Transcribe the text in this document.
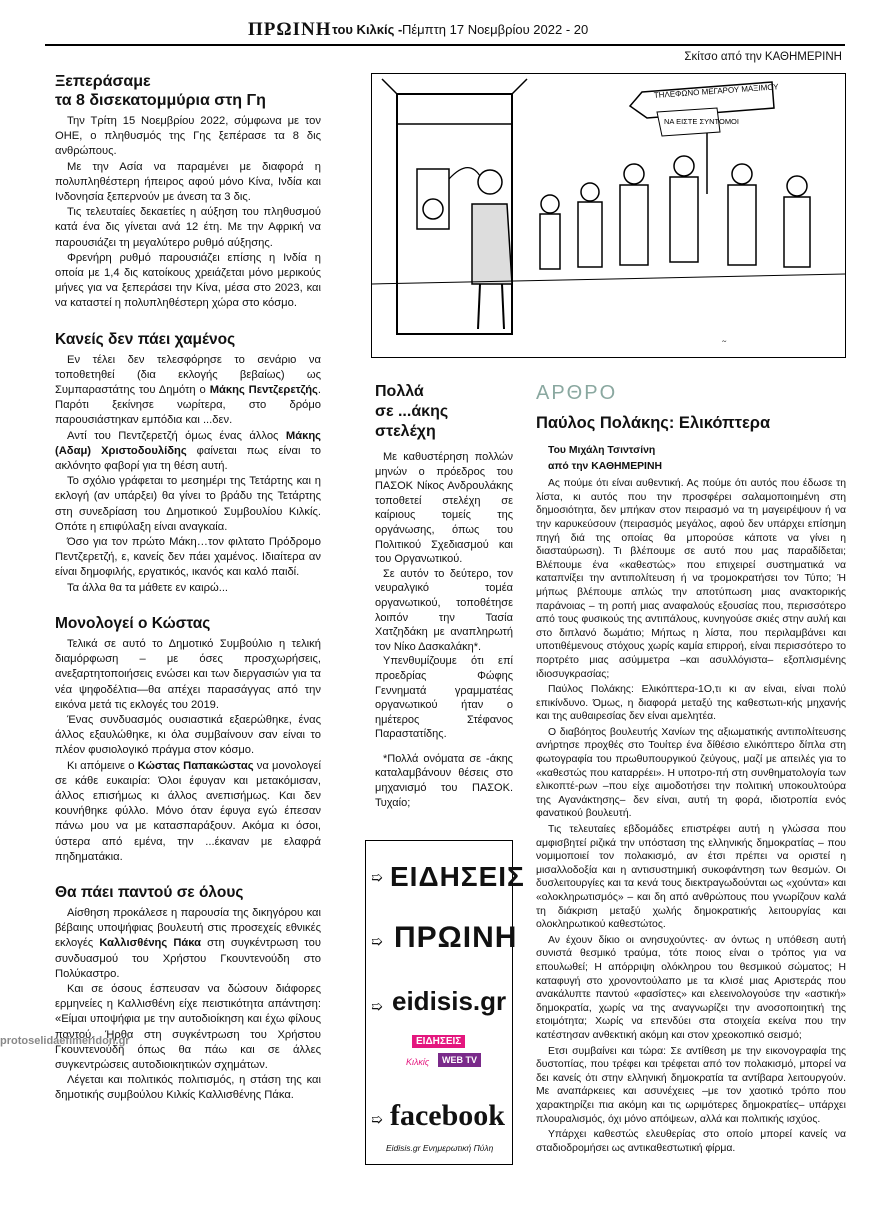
ΠΡΩΙΝΗ του Κιλκίς - Πέμπτη 17 Νοεμβρίου 2022 - 20
Σκίτσο από την ΚΑΘΗΜΕΡΙΝΗ
ΤΗΛΕΦΩΝΟ ΜΕΓΑΡΟΥ ΜΑΞΙΜΟΥ
ΝΑ ΕΙΣΤΕ ΣΥΝΤΟΜΟΙ
~
Ξεπεράσαμε
τα 8 δισεκατομμύρια στη Γη

Την Τρίτη 15 Νοεμβρίου 2022, σύμφωνα με τον ΟΗΕ, ο πληθυσμός της Γης ξεπέρασε τα 8 δις ανθρώπους.

Με την Ασία να παραμένει με διαφορά η πολυπληθέστερη ήπειρος αφού μόνο Κίνα, Ινδία και Ινδονησία ξεπερνούν με άνεση τα 3 δις.

Τις τελευταίες δεκαετίες η αύξηση του πληθυσμού κατά ένα δις γίνεται ανά 12 έτη. Με την Αφρική να παρουσιάζει τη μεγαλύτερο ρυθμό αύξησης.

Φρενήρη ρυθμό παρουσιάζει επίσης η Ινδία η οποία με 1,4 δις κατοίκους χρειάζεται μόνο μερικούς μήνες για να ξεπεράσει την Κίνα, μέσα στο 2023, και να καταστεί η πολυπληθέστερη χώρα στο κόσμο.

Κανείς δεν πάει χαμένος

Εν τέλει δεν τελεσφόρησε το σενάριο να τοποθετηθεί (δια εκλογής βεβαίως) ως Συμπαραστάτης του Δημότη ο Μάκης Πεντζερετζής. Παρότι ξεκίνησε νωρίτερα, στο δρόμο παρουσιάστηκαν εμπόδια και ...δεν.

Αντί του Πεντζερετζή όμως ένας άλλος Μάκης (Αδαμ) Χριστοδουλίδης φαίνεται πως είναι το ακλόνητο φαβορί για τη θέση αυτή.

Το σχόλιο γράφεται το μεσημέρι της Τετάρτης και η εκλογή (αν υπάρξει) θα γίνει το βράδυ της Τετάρτης στη συνεδρίαση του Δημοτικού Συμβουλίου Κιλκίς. Οπότε η επιφύλαξη είναι αναγκαία.

Όσο για τον πρώτο Μάκη…τον φιλτατο Πρόδρομο Πεντζερετζή, ε, κανείς δεν πάει χαμένος. Ιδιαίτερα αν είναι δημοφιλής, εργατικός, ικανός και καλό παιδί.

Τα άλλα θα τα μάθετε εν καιρώ...

Μονολογεί ο Κώστας

Τελικά σε αυτό το Δημοτικό Συμβούλιο η τελική διαμόρφωση – με όσες προσχωρήσεις, ανεξαρτητοποιήσεις ενώσει και των διεργασιών για τα νέα ψηφοδέλτια—θα απέχει παρασάγγας από την εικόνα μετά τις εκλογές του 2019.

Ένας συνδυασμός ουσιαστικά εξαερώθηκε, ένας άλλος εξαυλώθηκε, κι όλα συμβαίνουν σαν είναι το πλέον φυσιολογικό πράγμα στον κόσμο.

Κι απόμεινε ο Κώστας Παπακώστας να μονολογεί σε κάθε ευκαιρία: Όλοι έφυγαν και μετακόμισαν, άλλος επισήμως κι άλλος ανεπισήμως. Και δεν κουνήθηκε φύλλο. Μόνο όταν έφυγα εγώ έπεσαν πάνω μου να με κατασπαράξουν. Ακόμα κι όσοι, ύστερα από εμένα, την ...έκαναν με ελαφρά πηδηματάκια.

Θα πάει παντού σε όλους

Αίσθηση προκάλεσε η παρουσία της δικηγόρου και βέβαιης υποψήφιας βουλευτή στις προσεχείς εθνικές εκλογές Καλλισθένης Πάκα στη συγκέντρωση του συνδυασμού του Χρήστου Γκουντενούδη στο Πολύκαστρο.

Και σε όσους έσπευσαν να δώσουν διάφορες ερμηνείες η Καλλισθένη είχε πειστικότητα απάντηση: «Είμαι υποψήφια με την αυτοδιοίκηση και έχω φίλους παντού. Ήρθα στη συγκέντρωση του Χρήστου Γκουντενούδη όπως θα πάω και σε άλλες συγκεντρώσεις αυτοδιοικητικών σχημάτων.

Λέγεται και πολιτικός πολιτισμός, η στάση της και δημοτικής συμβούλου Κιλκίς Καλλισθένης Πάκα.

Πολλά
σε ...άκης
στελέχη

Με καθυστέρηση πολλών μηνών ο πρόεδρος του ΠΑΣΟΚ Νίκος Ανδρουλάκης τοποθετεί στελέχη σε καίριους τομείς της οργάνωσης, όπως του Πολιτικού Σχεδιασμού και του Οργανωτικού.

Σε αυτόν το δεύτερο, τον νευραλγικό τομέα οργανωτικού, τοποθέτησε λοιπόν την Τασία Χατζηδάκη με αναπληρωτή τον Νίκο Δασκαλάκη*.

Υπενθυμίζουμε ότι επί προεδρίας Φώφης Γεννηματά γραμματέας οργανωτικού ήταν ο ημέτερος Στέφανος Παραστατίδης.

*Πολλά ονόματα σε -άκης καταλαμβάνουν θέσεις στο μηχανισμό του ΠΑΣΟΚ. Τυχαίο;

➯ ΕΙΔΗΣΕΙΣ
➯ ΠΡΩΙΝΗ
➯ eidisis.gr
ΕΙΔΗΣΕΙΣ
Κιλκίς	WEB TV
➯ facebook
Eidisis.gr Ενημερωτική Πύλη
ΑΡΘΡΟ
Παύλος Πολάκης: Ελικόπτερα

Του Μιχάλη Τσιντσίνη

από την ΚΑΘΗΜΕΡΙΝΗ

Ας πούμε ότι είναι αυθεντική. Ας πούμε ότι αυτός που έδωσε τη λίστα, κι αυτός που την προσφέρει σαλαμοποιημένη στη δημοσιότητα, δεν μπήκαν στον πειρασμό να τη μαγειρέψουν ή να την καρυκεύσουν (πειρασμός μεγάλος, αφού δεν υπάρχει επίσημη πηγή διά της οποίας θα μπορούσε κάποτε να γίνει η διασταύρωση). Τι βλέπουμε σε αυτό που μας παραδίδεται; Βλέπουμε ένα «καθεστώς» που επιχειρεί συστηματικά να καταπνίξει την αντιπολίτευση ή να τρομοκρατήσει τον Τύπο; Ή μήπως βλέπουμε απλώς την αποτύπωση μιας ανακτορικής παράνοιας – τη ροπή μιας αναφαλούς εξουσίας που, περισσότερο από τους φυσικούς της αντιπάλους, κυνηγούσε σκιές στην αυλή και στο διπλανό δωμάτιο; Μήπως η λίστα, που περιλαμβάνει και υποτιθέμενους στόχους χωρίς καμία επιρροή, είναι περισσότερο το πορτρέτο μιας ασύμμετρα –και ασυλλόγιστα– εξοπλισμένης ιδιοσυγκρασίας;

Παύλος Πολάκης: Ελικόπτερα-1Ο,τι κι αν είναι, είναι πολύ επικίνδυνο. Όμως, η διαφορά μεταξύ της καθεστωτι-κής μηχανής και της αυθαιρεσίας δεν είναι αμελητέα.

Ο διαβόητος βουλευτής Χανίων της αξιωματικής αντιπολίτευσης ανήρτησε προχθές στο Τουίτερ ένα δίθέσιο ελικόπτερο δίπλα στη φωτογραφία του πρωθυπουργικού ζεύγους, μαζί με απειλές για το «καθεστώς που καταρρέει». Η υποτρο-πή στη συνθηματολογία των ελικοπτέ-ρων –που είχε αιμοδοτήσει την πολιτική υποκουλτούρα της Αγανάκτησης– δεν είναι, αυτή τη φορά, ιδιοτροπία ενός φανατικού βουλευτή.

Τις τελευταίες εβδομάδες επιστρέφει αυτή η γλώσσα που αμφισβητεί ριζικά την υπόσταση της ελληνικής δημοκρατίας – που νομιμοποιεί τον πολακισμό, αν έτσι πρέπει να οριστεί η μισαλλοδοξία και η αντισυστημική συκοφάντηση των θεσμών. Οι δυσλειτουργίες και τα κενά τους διεκτραγωδούνται ως «χούντα» και «ολοκληρωτισμός» – και δη από ανθρώπους που γνωρίζουν καλά τη διάκριση μεταξύ χωλής δημοκρατικής λειτουργίας και ολοκληρωτικού καθεστώτος.

Αν έχουν δίκιο οι ανησυχούντες· αν όντως η υπόθεση αυτή συνιστά θεσμικό τραύμα, τότε ποιος είναι ο τρόπος για να επουλωθεί; Η απόρριψη ολόκληρου του θεσμικού σώματος; Η καταφυγή στο χρονοντούλαπο με τα κλισέ μιας Αριστεράς που ανακάλυπτε παντού «φασίστες» και ελεεινολογούσε την «αστική» δημοκρατία, χωρίς να της αναγνωρίζει την ανοσοποιητική της ετοιμότητα; Χωρίς να επενδύει στα στοιχεία εκείνα που την κατέστησαν ανθεκτική ακόμη και στον χρεοκοπικό σεισμό;

Ετσι συμβαίνει και τώρα: Σε αντίθεση με την εικονογραφία της δυστοπίας, που τρέφει και τρέφεται από τον πολακισμό, μπορεί να δει κανείς ότι στην ελληνική δημοκρατία τα αντίβαρα λειτουργούν. Με αναπάρκειες και ασυνέχειες –με τον χαοτικό τρόπο που χαρακτηρίζει πια ακόμη και τις ωριμότερες δημοκρατίες– υπάρχει πλουραλισμός, όχι μόνο απόψεων, αλλά και πολιτικής ισχύος.

Υπάρχει καθεστώς ελευθερίας στο οποίο μπορεί κανείς να σταδιοδρομήσει ως αντικαθεστωτική φίρμα.

protoselidaefimeridon.gr
